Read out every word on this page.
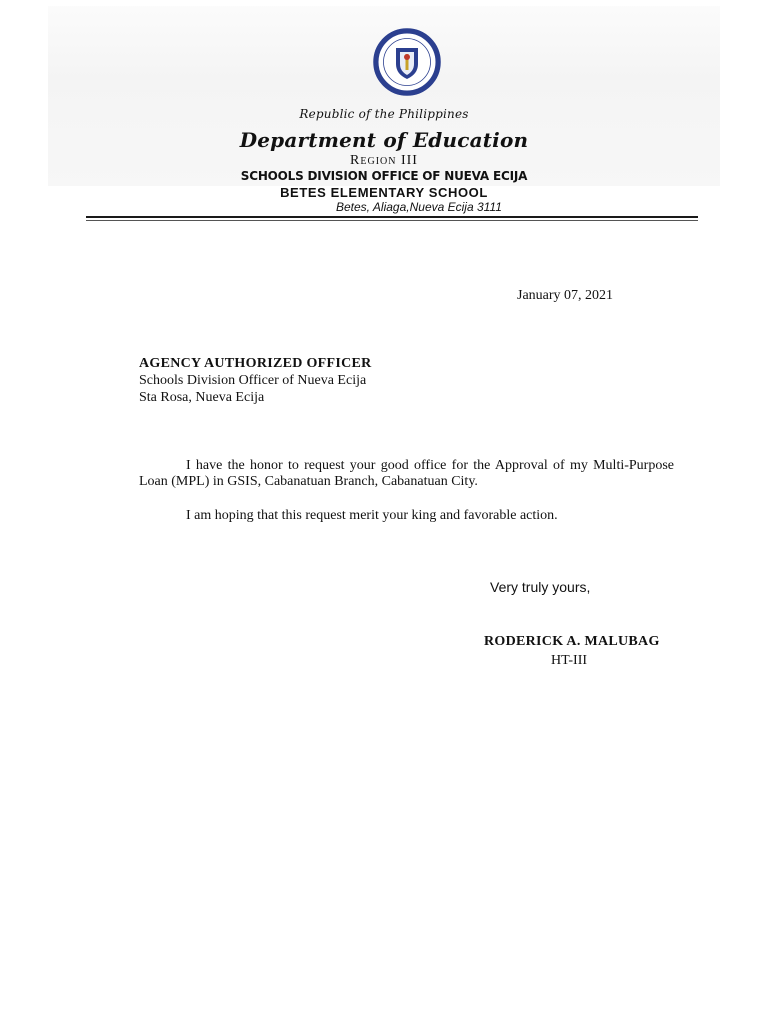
Republic of the Philippines
Department of Education
Region III
SCHOOLS DIVISION OFFICE OF NUEVA ECIJA
BETES ELEMENTARY SCHOOL
Betes, Aliaga,Nueva Ecija 3111
January 07, 2021
AGENCY AUTHORIZED OFFICER
Schools Division Officer of Nueva Ecija
Sta Rosa, Nueva Ecija
I have the honor to request your good office for the Approval of my Multi-Purpose Loan (MPL) in GSIS, Cabanatuan Branch, Cabanatuan City.
I am hoping that this request merit your king and favorable action.
Very truly yours,
RODERICK A. MALUBAG
HT-III
